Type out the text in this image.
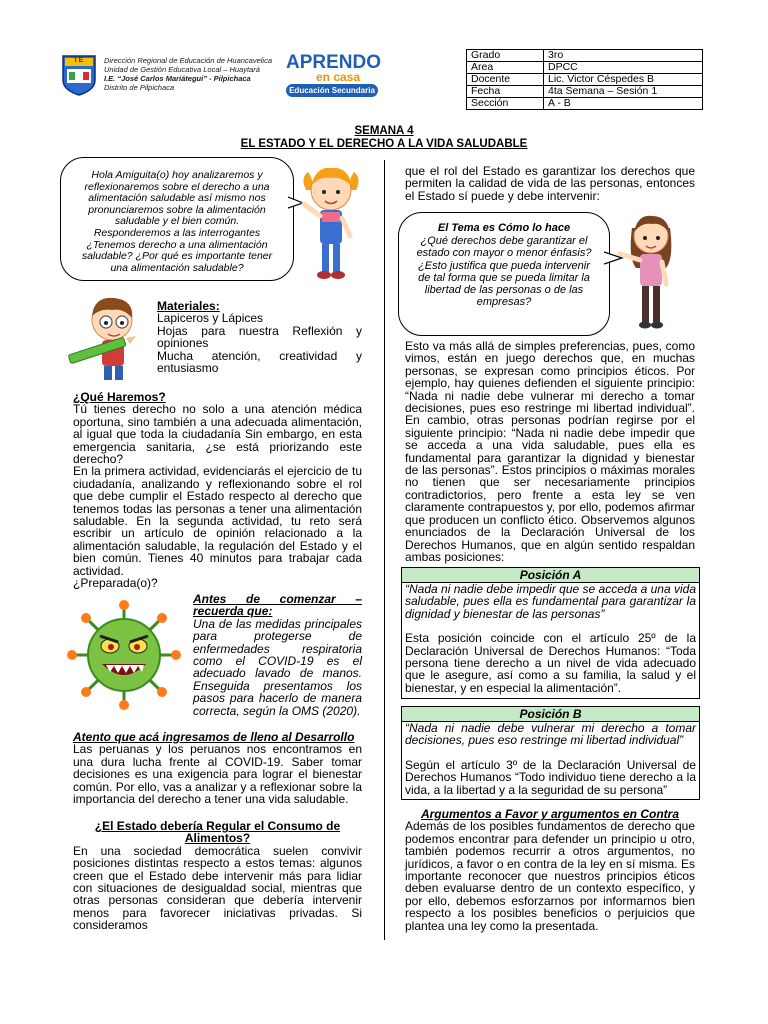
I E	Dirección Regional de Educación de Huancavelica
Unidad de Gestión Educativa Local – Huaytará
I.E. “José Carlos Mariátegui” - Pilpichaca
Distrito de Pilpichaca
APRENDO
en casa
Educación Secundaria
Grado	3ro
Area	DPCC
Docente	Lic. Victor Céspedes B
Fecha	4ta Semana – Sesión 1
Sección	A - B
SEMANA 4
EL ESTADO Y EL DERECHO A LA VIDA SALUDABLE
Hola Amiguita(o) hoy analizaremos y
reflexionaremos sobre el derecho a una
alimentación saludable así mismo nos
pronunciaremos sobre la alimentación
saludable y el bien común.
Responderemos a las interrogantes
¿Tenemos derecho a una alimentación
saludable? ¿Por qué es importante tener
una alimentación saludable?
Materiales:
Lapiceros y Lápices
Hojas para nuestra Reflexión y opiniones
Mucha atención, creatividad y entusiasmo
¿Qué Haremos?
Tú tienes derecho no solo a una atención médica oportuna, sino también a una adecuada alimentación, al igual que toda la ciudadanía Sin embargo, en esta emergencia sanitaria, ¿se está priorizando este derecho?
En la primera actividad, evidenciarás el ejercicio de tu ciudadanía, analizando y reflexionando sobre el rol que debe cumplir el Estado respecto al derecho que tenemos todas las personas a tener una alimentación saludable. En la segunda actividad, tu reto será escribir un artículo de opinión relacionado a la alimentación saludable, la regulación del Estado y el bien común. Tienes 40 minutos para trabajar cada actividad.
¿Preparada(o)?
Antes de comenzar – recuerda que:
Una de las medidas principales para protegerse de enfermedades respiratoria como el COVID-19 es el adecuado lavado de manos. Enseguida presentamos los pasos para hacerlo de manera correcta, según la OMS (2020).
Atento que acá ingresamos de lleno al Desarrollo
Las peruanas y los peruanos nos encontramos en una dura lucha frente al COVID-19. Saber tomar decisiones es una exigencia para lograr el bienestar común. Por ello, vas a analizar y a reflexionar sobre la importancia del derecho a tener una vida saludable.
¿El Estado debería Regular el Consumo de Alimentos?
En una sociedad democrática suelen convivir posiciones distintas respecto a estos temas: algunos creen que el Estado debe intervenir más para lidiar con situaciones de desigualdad social, mientras que otras personas consideran que debería intervenir menos para favorecer iniciativas privadas. Si consideramos
que el rol del Estado es garantizar los derechos que permiten la calidad de vida de las personas, entonces el Estado sí puede y debe intervenir:
El Tema es Cómo lo hace
¿Qué derechos debe garantizar el
estado con mayor o menor énfasis?
¿Esto justifica que pueda intervenir
de tal forma que se pueda limitar la
libertad de las personas o de las
empresas?
Esto va más allá de simples preferencias, pues, como vimos, están en juego derechos que, en muchas personas, se expresan como principios éticos. Por ejemplo, hay quienes defienden el siguiente principio: “Nada ni nadie debe vulnerar mi derecho a tomar decisiones, pues eso restringe mi libertad individual”. En cambio, otras personas podrían regirse por el siguiente principio: “Nada ni nadie debe impedir que se acceda a una vida saludable, pues ella es fundamental para garantizar la dignidad y bienestar de las personas”. Estos principios o máximas morales no tienen que ser necesariamente principios contradictorios, pero frente a esta ley se ven claramente contrapuestos y, por ello, podemos afirmar que producen un conflicto ético. Observemos algunos enunciados de la Declaración Universal de los Derechos Humanos, que en algún sentido respaldan ambas posiciones:
Posición A
“Nada ni nadie debe impedir que se acceda a una vida saludable, pues ella es fundamental para garantizar la dignidad y bienestar de las personas”
Esta posición coincide con el artículo 25º de la Declaración Universal de Derechos Humanos: “Toda persona tiene derecho a un nivel de vida adecuado que le asegure, así como a su familia, la salud y el bienestar, y en especial la alimentación”.
Posición B
“Nada ni nadie debe vulnerar mi derecho a tomar decisiones, pues eso restringe mi libertad individual”
Según el artículo 3º de la Declaración Universal de Derechos Humanos “Todo individuo tiene derecho a la vida, a la libertad y a la seguridad de su persona”
Argumentos a Favor y argumentos en Contra
Además de los posibles fundamentos de derecho que podemos encontrar para defender un principio u otro, también podemos recurrir a otros argumentos, no jurídicos, a favor o en contra de la ley en sí misma. Es importante reconocer que nuestros principios éticos deben evaluarse dentro de un contexto específico, y por ello, debemos esforzarnos por informarnos bien respecto a los posibles beneficios o perjuicios que plantea una ley como la presentada.
